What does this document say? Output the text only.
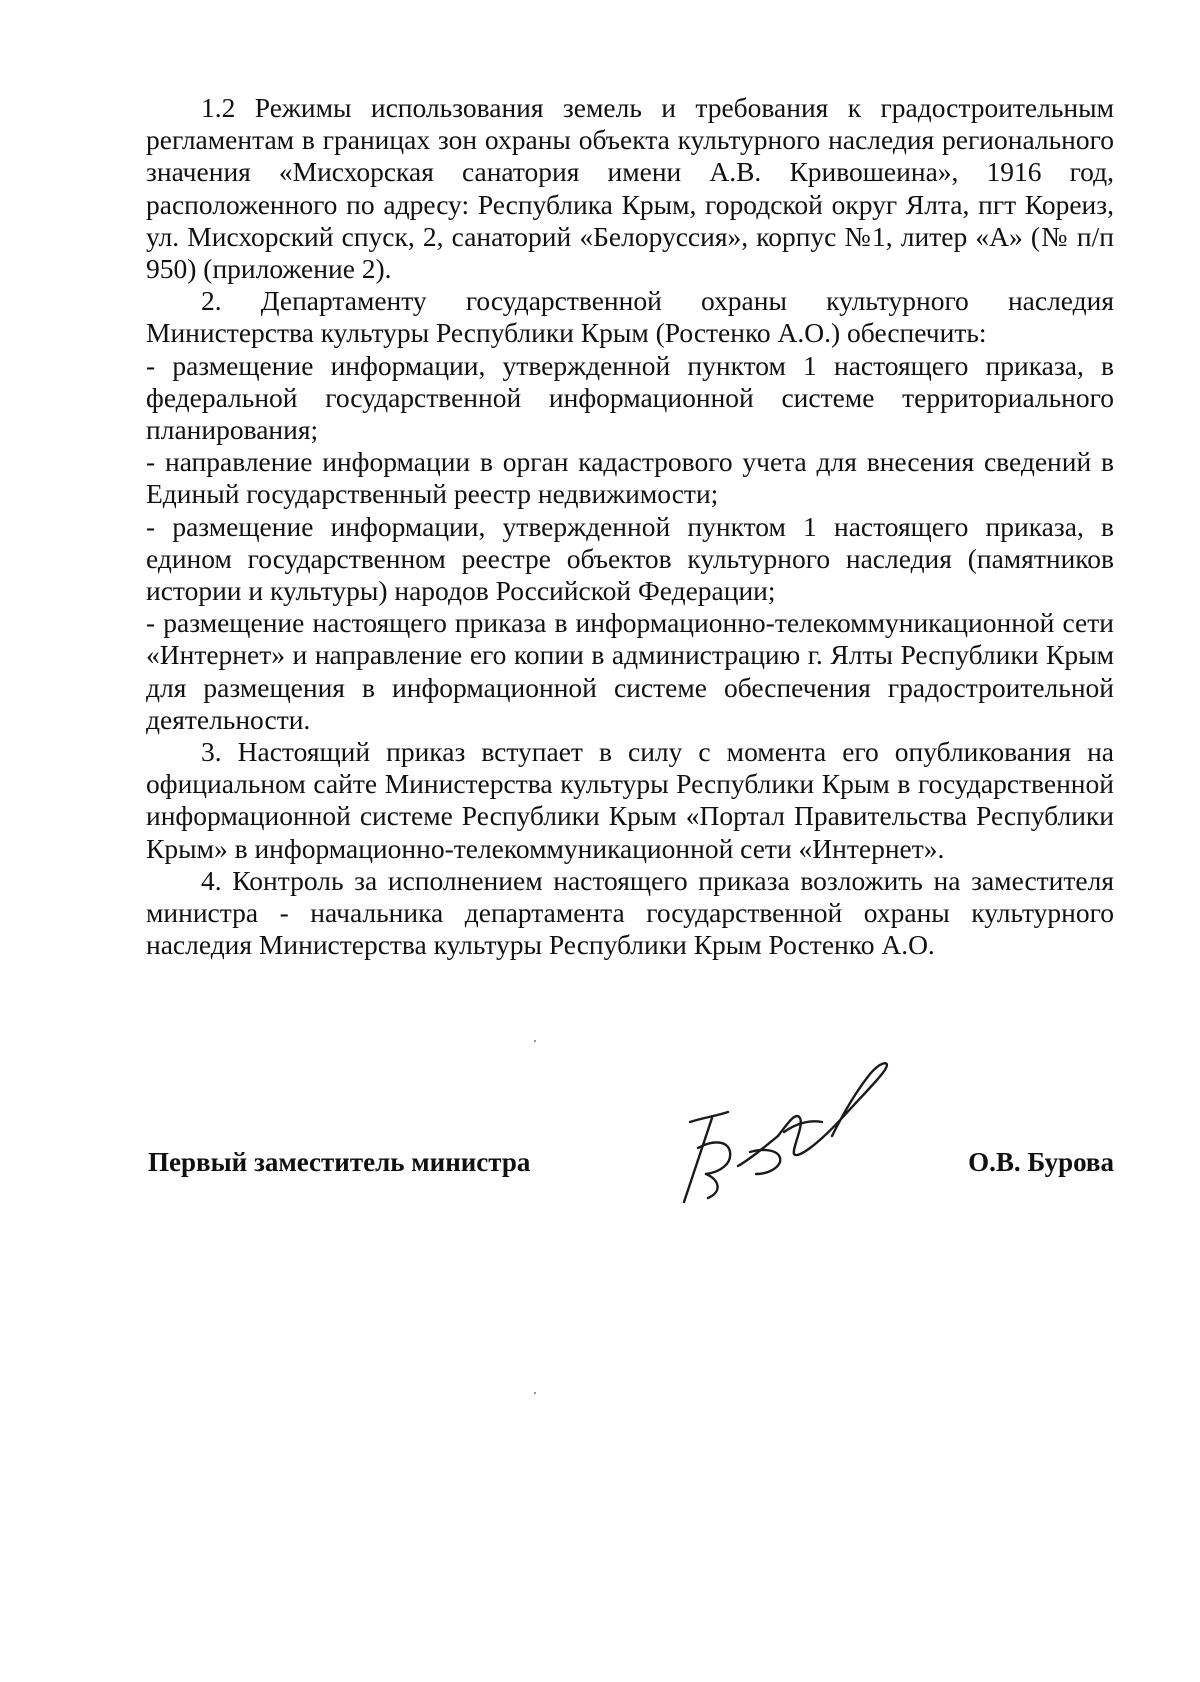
1.2 Режимы использования земель и требования к градостроительным регламентам в границах зон охраны объекта культурного наследия регионального значения «Мисхорская санатория имени А.В. Кривошеина», 1916 год, расположенного по адресу: Республика Крым, городской округ Ялта, пгт Кореиз, ул. Мисхорский спуск, 2, санаторий «Белоруссия», корпус №1, литер «А» (№ п/п 950) (приложение 2).

2. Департаменту государственной охраны культурного наследия Министерства культуры Республики Крым (Ростенко А.О.) обеспечить:

- размещение информации, утвержденной пунктом 1 настоящего приказа, в федеральной государственной информационной системе территориального планирования;

- направление информации в орган кадастрового учета для внесения сведений в Единый государственный реестр недвижимости;

- размещение информации, утвержденной пунктом 1 настоящего приказа, в едином государственном реестре объектов культурного наследия (памятников истории и культуры) народов Российской Федерации;

- размещение настоящего приказа в информационно-телекоммуникационной сети «Интернет» и направление его копии в администрацию г. Ялты Республики Крым для размещения в информационной системе обеспечения градостроительной деятельности.

3. Настоящий приказ вступает в силу с момента его опубликования на официальном сайте Министерства культуры Республики Крым в государственной информационной системе Республики Крым «Портал Правительства Республики Крым» в информационно-телекоммуникационной сети «Интернет».

4. Контроль за исполнением настоящего приказа возложить на заместителя министра - начальника департамента государственной охраны культурного наследия Министерства культуры Республики Крым Ростенко А.О.

Первый заместитель министра	О.В. Бурова
